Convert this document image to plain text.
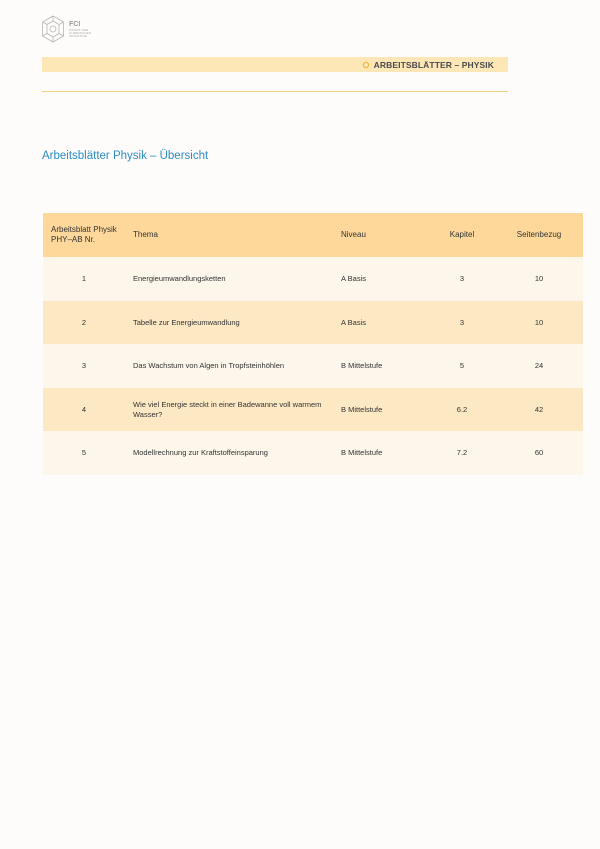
FCI
FONDS DER CHEMISCHEN INDUSTRIE
ARBEITSBLÄTTER – PHYSIK
Arbeitsblätter Physik – Übersicht
Arbeitsblatt Physik PHY–AB Nr.	Thema	Niveau	Kapitel	Seitenbezug
1	Energieumwandlungsketten	A Basis	3	10
2	Tabelle zur Energieumwandlung	A Basis	3	10
3	Das Wachstum von Algen in Tropfsteinhöhlen	B Mittelstufe	5	24
4	Wie viel Energie steckt in einer Badewanne voll warmem Wasser?	B Mittelstufe	6.2	42
5	Modellrechnung zur Kraftstoffeinsparung	B Mittelstufe	7.2	60
